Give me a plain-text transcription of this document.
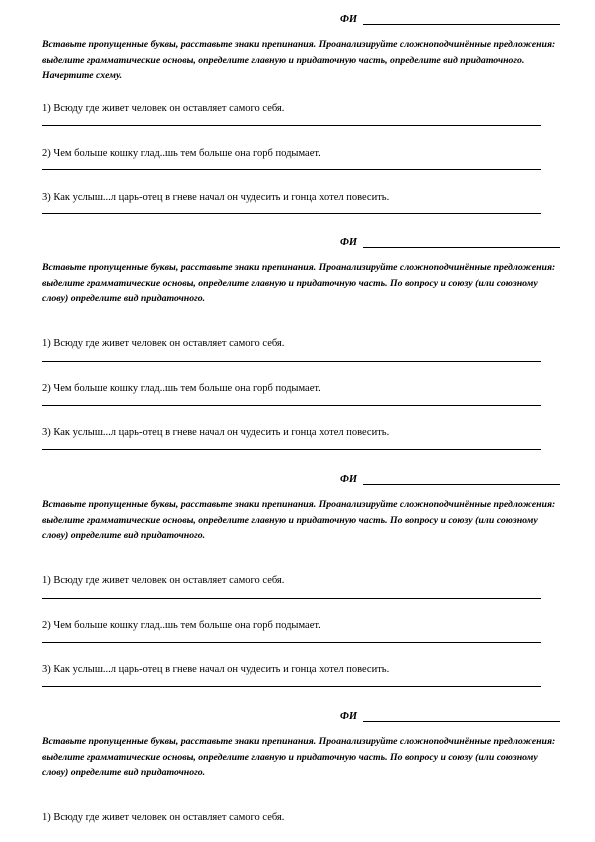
ФИ
Вставьте пропущенные буквы, расставьте знаки препинания. Проанализируйте сложноподчинённые предложения: выделите грамматические основы, определите главную и придаточную часть, определите вид придаточного. Начертите схему.
1) Всюду где живет человек он оставляет самого себя.
2) Чем больше кошку глад..шь тем больше она горб подымает.
3) Как услыш...л царь-отец в гневе начал он чудесить и гонца хотел повесить.
ФИ
Вставьте пропущенные буквы, расставьте знаки препинания. Проанализируйте сложноподчинённые предложения: выделите грамматические основы, определите главную и придаточную часть. По вопросу и союзу (или союзному слову) определите вид придаточного.
1) Всюду где живет человек он оставляет самого себя.
2) Чем больше кошку глад..шь тем больше она горб подымает.
3) Как услыш...л царь-отец в гневе начал он чудесить и гонца хотел повесить.
ФИ
Вставьте пропущенные буквы, расставьте знаки препинания. Проанализируйте сложноподчинённые предложения: выделите грамматические основы, определите главную и придаточную часть. По вопросу и союзу (или союзному слову) определите вид придаточного.
1) Всюду где живет человек он оставляет самого себя.
2) Чем больше кошку глад..шь тем больше она горб подымает.
3) Как услыш...л царь-отец в гневе начал он чудесить и гонца хотел повесить.
ФИ
Вставьте пропущенные буквы, расставьте знаки препинания. Проанализируйте сложноподчинённые предложения: выделите грамматические основы, определите главную и придаточную часть. По вопросу и союзу (или союзному слову) определите вид придаточного.
1) Всюду где живет человек он оставляет самого себя.
